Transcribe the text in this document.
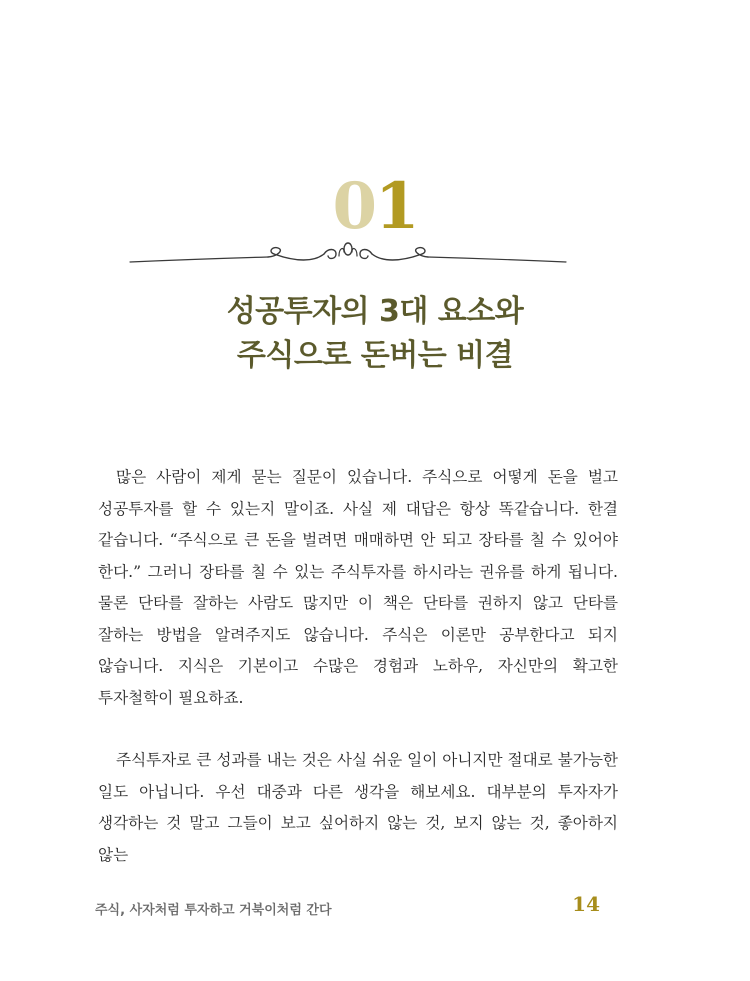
01
성공투자의 3대 요소와
주식으로 돈버는 비결

많은 사람이 제게 묻는 질문이 있습니다. 주식으로 어떻게 돈을 벌고 성공투자를 할 수 있는지 말이죠. 사실 제 대답은 항상 똑같습니다. 한결 같습니다. “주식으로 큰 돈을 벌려면 매매하면 안 되고 장타를 칠 수 있어야 한다.” 그러니 장타를 칠 수 있는 주식투자를 하시라는 권유를 하게 됩니다. 물론 단타를 잘하는 사람도 많지만 이 책은 단타를 권하지 않고 단타를 잘하는 방법을 알려주지도 않습니다. 주식은 이론만 공부한다고 되지 않습니다. 지식은 기본이고 수많은 경험과 노하우, 자신만의 확고한 투자철학이 필요하죠.

주식투자로 큰 성과를 내는 것은 사실 쉬운 일이 아니지만 절대로 불가능한 일도 아닙니다. 우선 대중과 다른 생각을 해보세요. 대부분의 투자자가 생각하는 것 말고 그들이 보고 싶어하지 않는 것, 보지 않는 것, 좋아하지 않는

주식, 사자처럼 투자하고 거북이처럼 간다	14
